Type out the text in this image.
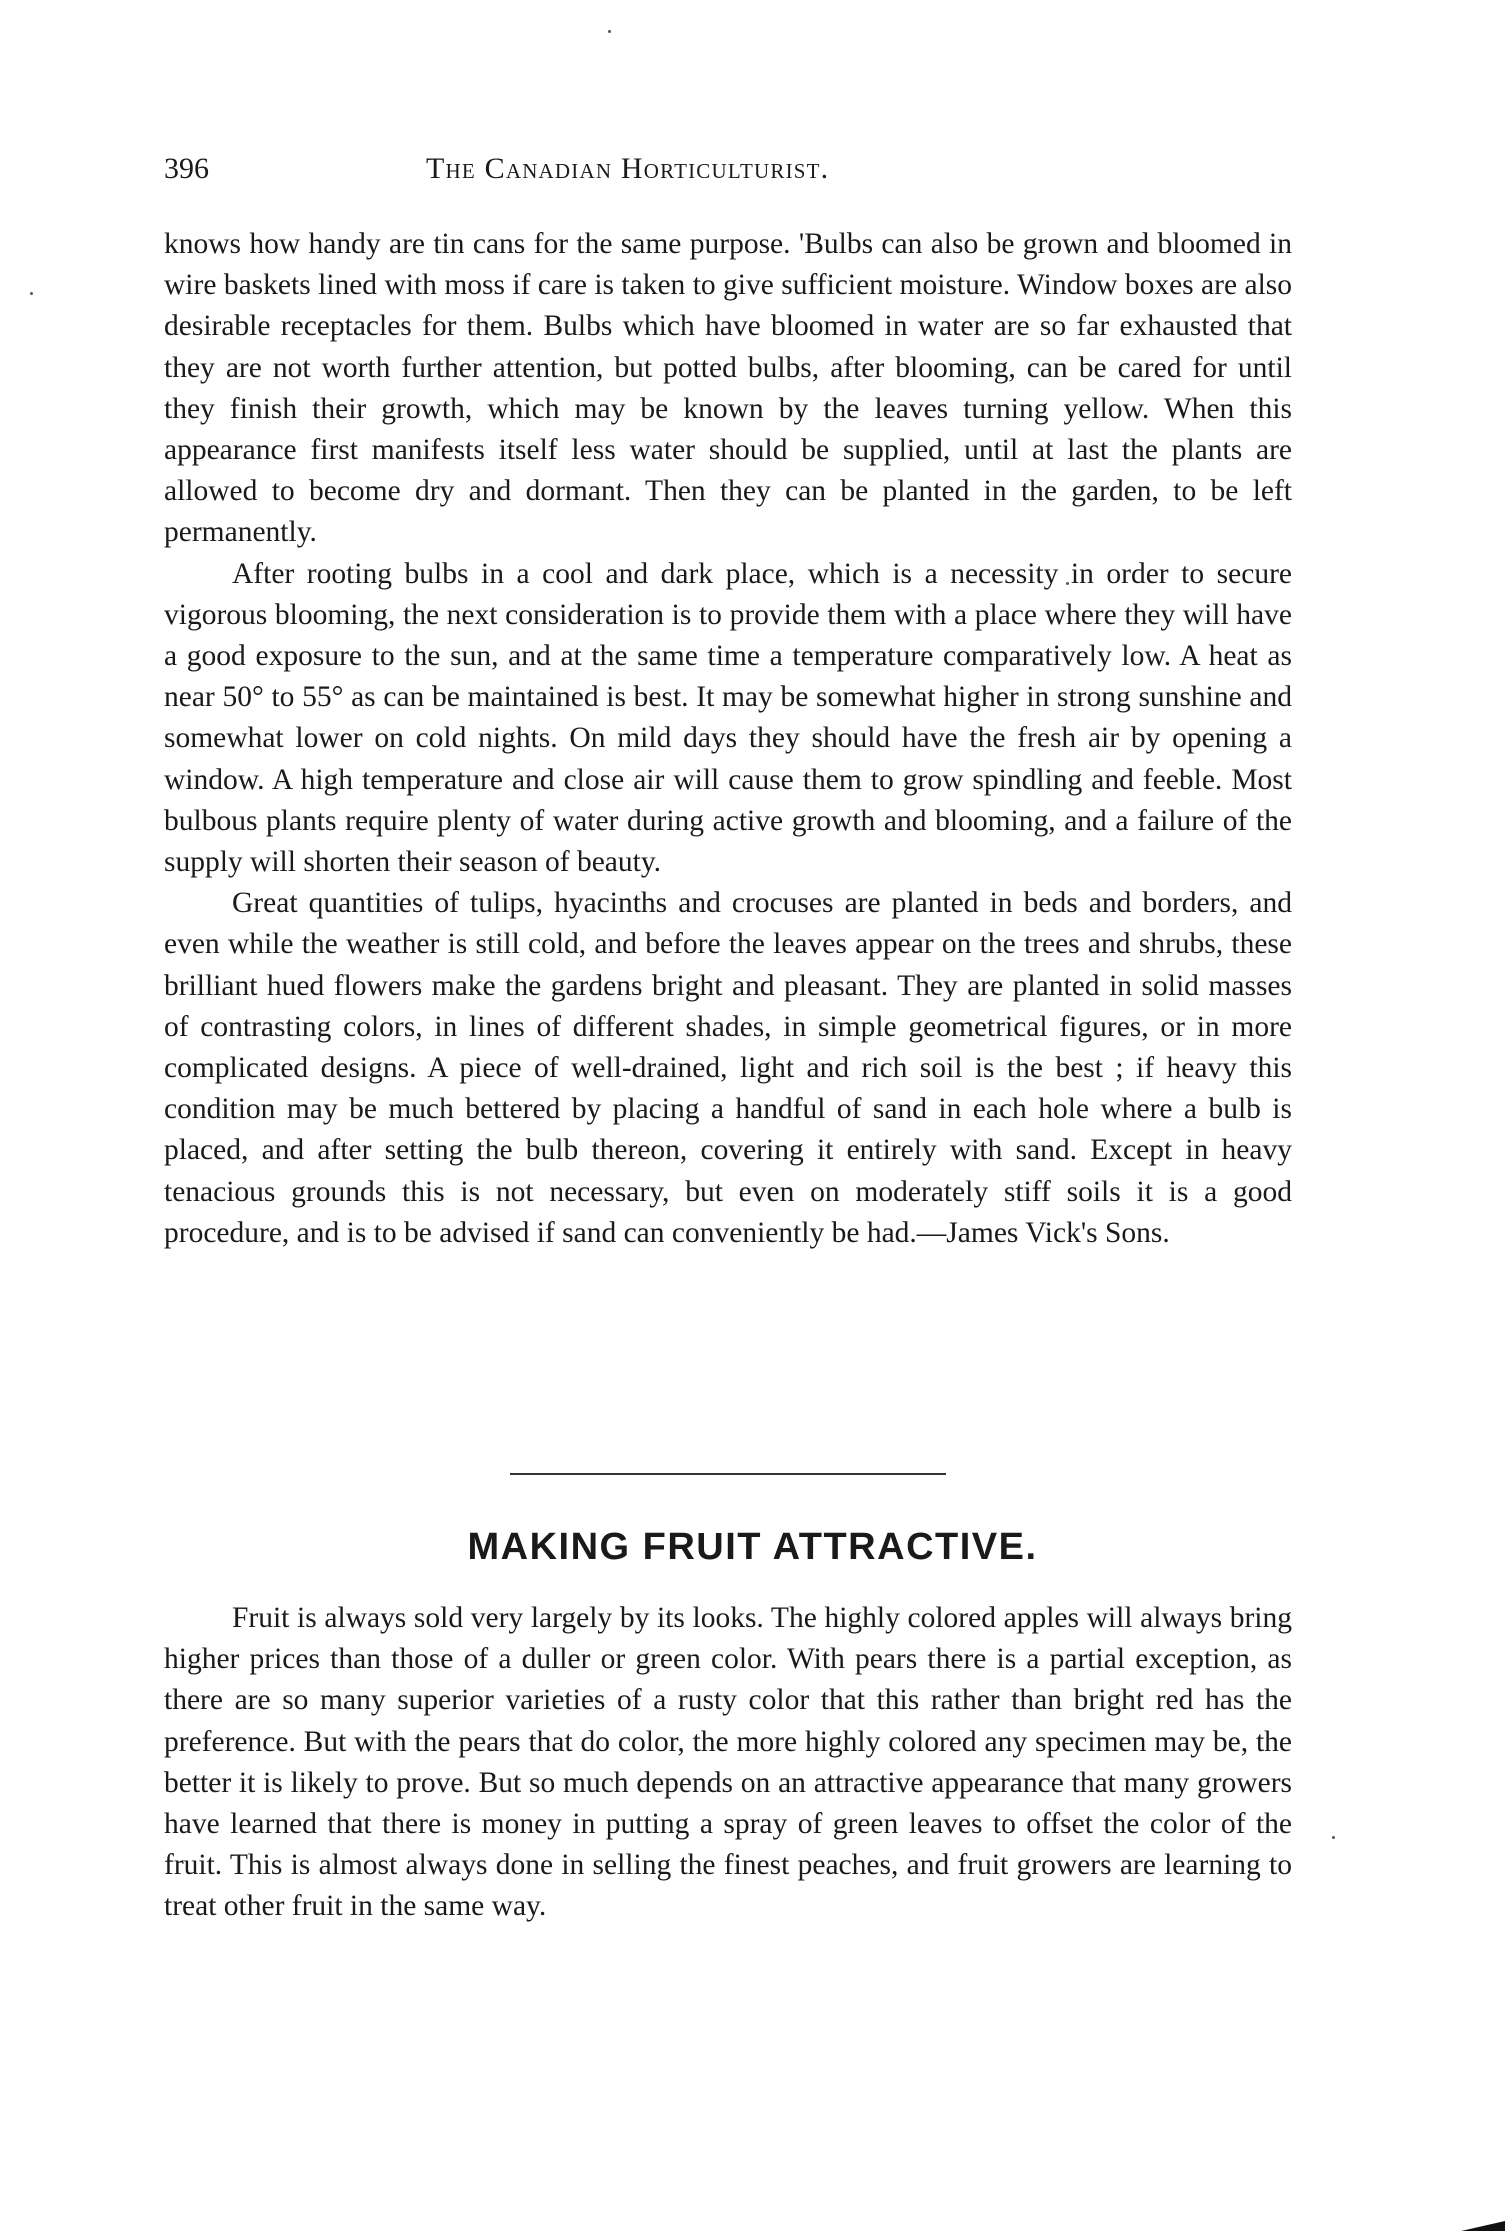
396	The Canadian Horticulturist.

knows how handy are tin cans for the same purpose. 'Bulbs can also be grown and bloomed in wire baskets lined with moss if care is taken to give sufficient moisture. Window boxes are also desirable receptacles for them. Bulbs which have bloomed in water are so far exhausted that they are not worth further attention, but potted bulbs, after blooming, can be cared for until they finish their growth, which may be known by the leaves turning yellow. When this appearance first manifests itself less water should be supplied, until at last the plants are allowed to become dry and dormant. Then they can be planted in the garden, to be left permanently.

After rooting bulbs in a cool and dark place, which is a necessity in order to secure vigorous blooming, the next consideration is to provide them with a place where they will have a good exposure to the sun, and at the same time a temperature comparatively low. A heat as near 50° to 55° as can be maintained is best. It may be somewhat higher in strong sunshine and somewhat lower on cold nights. On mild days they should have the fresh air by opening a window. A high temperature and close air will cause them to grow spindling and feeble. Most bulbous plants require plenty of water during active growth and blooming, and a failure of the supply will shorten their season of beauty.

Great quantities of tulips, hyacinths and crocuses are planted in beds and borders, and even while the weather is still cold, and before the leaves appear on the trees and shrubs, these brilliant hued flowers make the gardens bright and pleasant. They are planted in solid masses of contrasting colors, in lines of different shades, in simple geometrical figures, or in more complicated designs. A piece of well-drained, light and rich soil is the best ; if heavy this condition may be much bettered by placing a handful of sand in each hole where a bulb is placed, and after setting the bulb thereon, covering it entirely with sand. Except in heavy tenacious grounds this is not necessary, but even on moderately stiff soils it is a good procedure, and is to be advised if sand can conveniently be had.—James Vick's Sons.

MAKING FRUIT ATTRACTIVE.

Fruit is always sold very largely by its looks. The highly colored apples will always bring higher prices than those of a duller or green color. With pears there is a partial exception, as there are so many superior varieties of a rusty color that this rather than bright red has the preference. But with the pears that do color, the more highly colored any specimen may be, the better it is likely to prove. But so much depends on an attractive appearance that many growers have learned that there is money in putting a spray of green leaves to offset the color of the fruit. This is almost always done in selling the finest peaches, and fruit growers are learning to treat other fruit in the same way.
